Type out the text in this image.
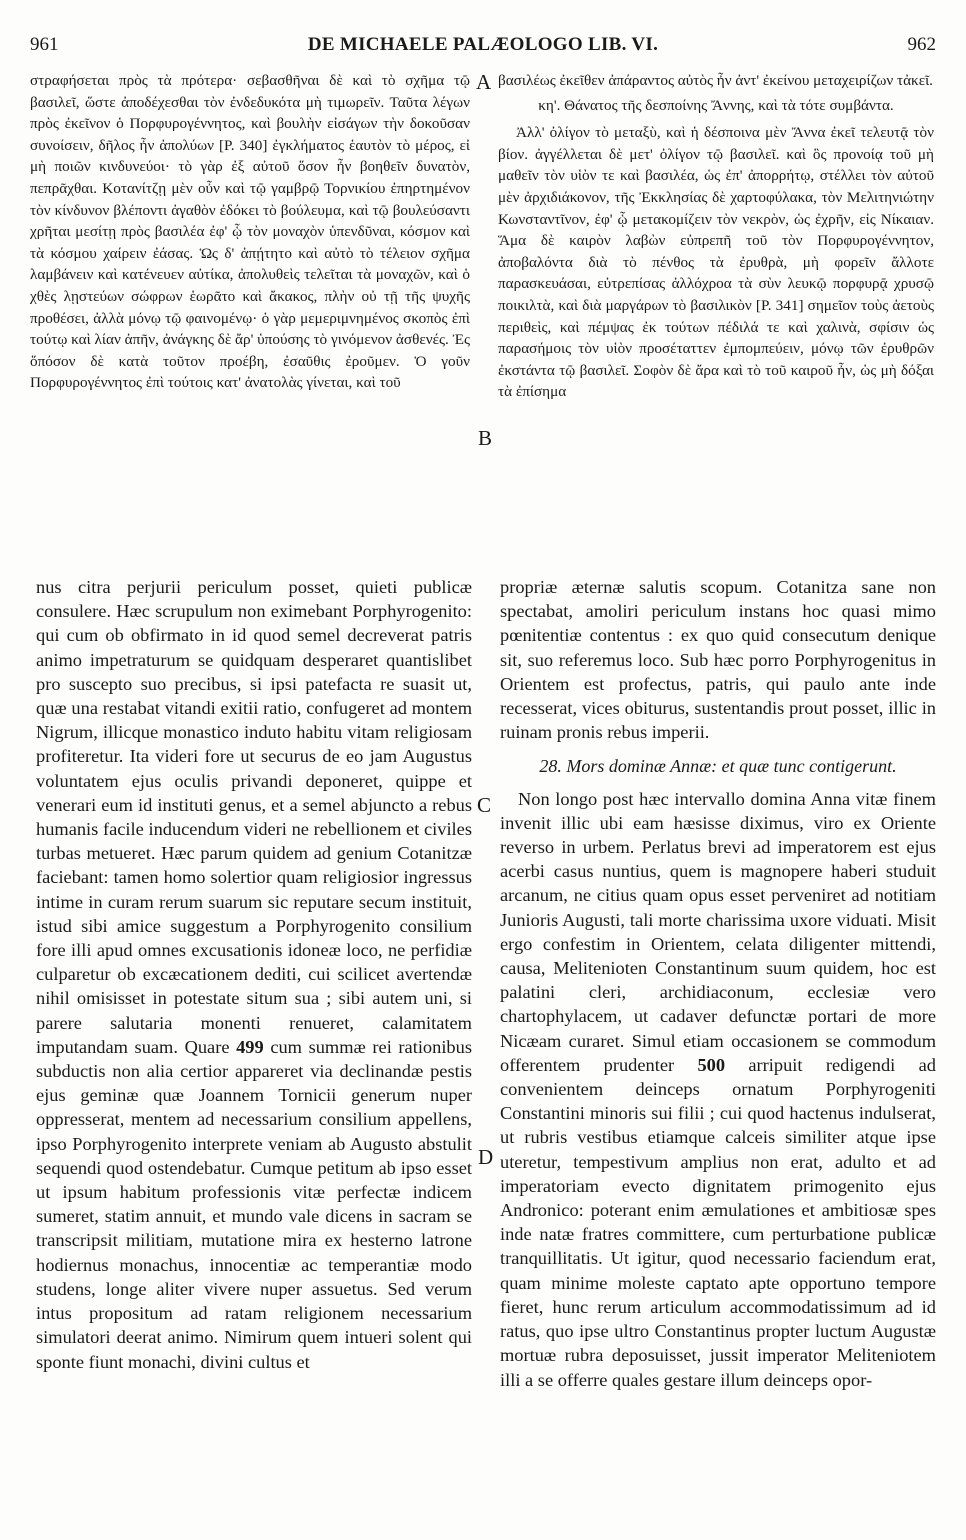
961	DE MICHAELE PALÆOLOGO LIB. VI.	962

στραφήσεται πρὸς τὰ πρότερα· σεβασθῆναι δὲ καὶ τὸ σχῆμα τῷ βασιλεῖ, ὥστε ἀποδέχεσθαι τὸν ἐνδεδυκότα μὴ τιμωρεῖν. Ταῦτα λέγων πρὸς ἐκεῖνον ὁ Πορφυρογέννητος, καὶ βουλὴν εἰσάγων τὴν δοκοῦσαν συνοίσειν, δῆλος ἦν ἀπολύων [P. 340] ἐγκλήματος ἑαυτὸν τὸ μέρος, εἰ μὴ ποιῶν κινδυνεύοι· τὸ γὰρ ἐξ αὐτοῦ ὅσον ἦν βοηθεῖν δυνατὸν, πεπρᾶχθαι. Κοτανίτζῃ μὲν οὖν καὶ τῷ γαμβρῷ Τορνικίου ἐπηρτημένον τὸν κίνδυνον βλέποντι ἀγαθὸν ἐδόκει τὸ βούλευμα, καὶ τῷ βουλεύσαντι χρῆται μεσίτῃ πρὸς βασιλέα ἐφ' ᾧ τὸν μοναχὸν ὑπενδῦναι, κόσμον καὶ τὰ κόσμου χαίρειν ἐάσας. Ὡς δ' ἀπῄτητο καὶ αὐτὸ τὸ τέλειον σχῆμα λαμβάνειν καὶ κατένευεν αὐτίκα, ἀπολυθεὶς τελεῖται τὰ μοναχῶν, καὶ ὁ χθὲς λῃστεύων σώφρων ἑωρᾶτο καὶ ἄκακος, πλὴν οὐ τῇ τῆς ψυχῆς προθέσει, ἀλλὰ μόνῳ τῷ φαινομένῳ· ὁ γὰρ μεμεριμνημένος σκοπὸς ἐπὶ τούτῳ καὶ λίαν ἀπῆν, ἀνάγκης δὲ ἄρ' ὑπούσης τὸ γινόμενον ἀσθενές. Ἐς ὅπόσον δὲ κατὰ τοῦτον προέβη, ἐσαῦθις ἐροῦμεν. Ὁ γοῦν Πορφυρογέννητος ἐπὶ τούτοις κατ' ἀνατολὰς γίνεται, καὶ τοῦ

βασιλέως ἐκεῖθεν ἀπάραντος αὐτὸς ἦν ἀντ' ἐκείνου μεταχειρίζων τἀκεῖ.

κη'. Θάνατος τῆς δεσποίνης Ἄννης, καὶ τὰ τότε συμβάντα.

Ἀλλ' ὀλίγον τὸ μεταξὺ, καὶ ἡ δέσποινα μὲν Ἄννα ἐκεῖ τελευτᾷ τὸν βίον. ἀγγέλλεται δὲ μετ' ὀλίγον τῷ βασιλεῖ. καὶ ὃς προνοίᾳ τοῦ μὴ μαθεῖν τὸν υἱὸν τε καὶ βασιλέα, ὡς ἐπ' ἀπορρήτῳ, στέλλει τὸν αὐτοῦ μὲν ἀρχιδιάκονον, τῆς Ἐκκλησίας δὲ χαρτοφύλακα, τὸν Μελιτηνιώτην Κωνσταντῖνον, ἐφ' ᾧ μετακομίζειν τὸν νεκρὸν, ὡς ἐχρῆν, εἰς Νίκαιαν. Ἅμα δὲ καιρὸν λαβὼν εὐπρεπῆ τοῦ τὸν Πορφυρογέννητον, ἀποβαλόντα διὰ τὸ πένθος τὰ ἐρυθρὰ, μὴ φορεῖν ἄλλοτε παρασκευάσαι, εὐτρεπίσας ἀλλόχροα τὰ σὺν λευκῷ πορφυρᾷ χρυσῷ ποικιλτὰ, καὶ διὰ μαργάρων τὸ βασιλικὸν [P. 341] σημεῖον τοὺς ἀετοὺς περιθεὶς, καὶ πέμψας ἐκ τούτων πέδιλά τε καὶ χαλινὰ, σφίσιν ὡς παρασήμοις τὸν υἱὸν προσέταττεν ἐμπομπεύειν, μόνῳ τῶν ἐρυθρῶν ἐκστάντα τῷ βασιλεῖ. Σοφὸν δὲ ἄρα καὶ τὸ τοῦ καιροῦ ἦν, ὡς μὴ δόξαι τὰ ἐπίσημα

nus citra perjurii periculum posset, quieti publicæ consulere. Hæc scrupulum non eximebant Porphyrogenito: qui cum ob obfirmato in id quod semel decreverat patris animo impetraturum se quidquam desperaret quantislibet pro suscepto suo precibus, si ipsi patefacta re suasit ut, quæ una restabat vitandi exitii ratio, confugeret ad montem Nigrum, illicque monastico induto habitu vitam religiosam profiteretur. Ita videri fore ut securus de eo jam Augustus voluntatem ejus oculis privandi deponeret, quippe et venerari eum id instituti genus, et a semel abjuncto a rebus humanis facile inducendum videri ne rebellionem et civiles turbas metueret. Hæc parum quidem ad genium Cotanitzæ faciebant: tamen homo solertior quam religiosior ingressus intime in curam rerum suarum sic reputare secum instituit, istud sibi amice suggestum a Porphyrogenito consilium fore illi apud omnes excusationis idoneæ loco, ne perfidiæ culparetur ob excæcationem dediti, cui scilicet avertendæ nihil omisisset in potestate situm sua ; sibi autem uni, si parere salutaria monenti renueret, calamitatem imputandam suam. Quare 499 cum summæ rei rationibus subductis non alia certior appareret via declinandæ pestis ejus geminæ quæ Joannem Tornicii generum nuper oppresserat, mentem ad necessarium consilium appellens, ipso Porphyrogenito interprete veniam ab Augusto abstulit sequendi quod ostendebatur. Cumque petitum ab ipso esset ut ipsum habitum professionis vitæ perfectæ indicem sumeret, statim annuit, et mundo vale dicens in sacram se transcripsit militiam, mutatione mira ex hesterno latrone hodiernus monachus, innocentiæ ac temperantiæ modo studens, longe aliter vivere nuper assuetus. Sed verum intus propositum ad ratam religionem necessarium simulatori deerat animo. Nimirum quem intueri solent qui sponte fiunt monachi, divini cultus et

propriæ æternæ salutis scopum. Cotanitza sane non spectabat, amoliri periculum instans hoc quasi mimo pœnitentiæ contentus : ex quo quid consecutum denique sit, suo referemus loco. Sub hæc porro Porphyrogenitus in Orientem est profectus, patris, qui paulo ante inde recesserat, vices obiturus, sustentandis prout posset, illic in ruinam pronis rebus imperii.

28. Mors dominæ Annæ: et quæ tunc contigerunt.

Non longo post hæc intervallo domina Anna vitæ finem invenit illic ubi eam hæsisse diximus, viro ex Oriente reverso in urbem. Perlatus brevi ad imperatorem est ejus acerbi casus nuntius, quem is magnopere haberi studuit arcanum, ne citius quam opus esset perveniret ad notitiam Junioris Augusti, tali morte charissima uxore viduati. Misit ergo confestim in Orientem, celata diligenter mittendi, causa, Melitenioten Constantinum suum quidem, hoc est palatini cleri, archidiaconum, ecclesiæ vero chartophylacem, ut cadaver defunctæ portari de more Nicæam curaret. Simul etiam occasionem se commodum offerentem prudenter 500 arripuit redigendi ad convenientem deinceps ornatum Porphyrogeniti Constantini minoris sui filii ; cui quod hactenus indulserat, ut rubris vestibus etiamque calceis similiter atque ipse uteretur, tempestivum amplius non erat, adulto et ad imperatoriam evecto dignitatem primogenito ejus Andronico: poterant enim æmulationes et ambitiosæ spes inde natæ fratres committere, cum perturbatione publicæ tranquillitatis. Ut igitur, quod necessario faciendum erat, quam minime moleste captato apte opportuno tempore fieret, hunc rerum articulum accommodatissimum ad id ratus, quo ipse ultro Constantinus propter luctum Augustæ mortuæ rubra deposuisset, jussit imperator Meliteniotem illi a se offerre quales gestare illum deinceps opor-

A
B
C
D
